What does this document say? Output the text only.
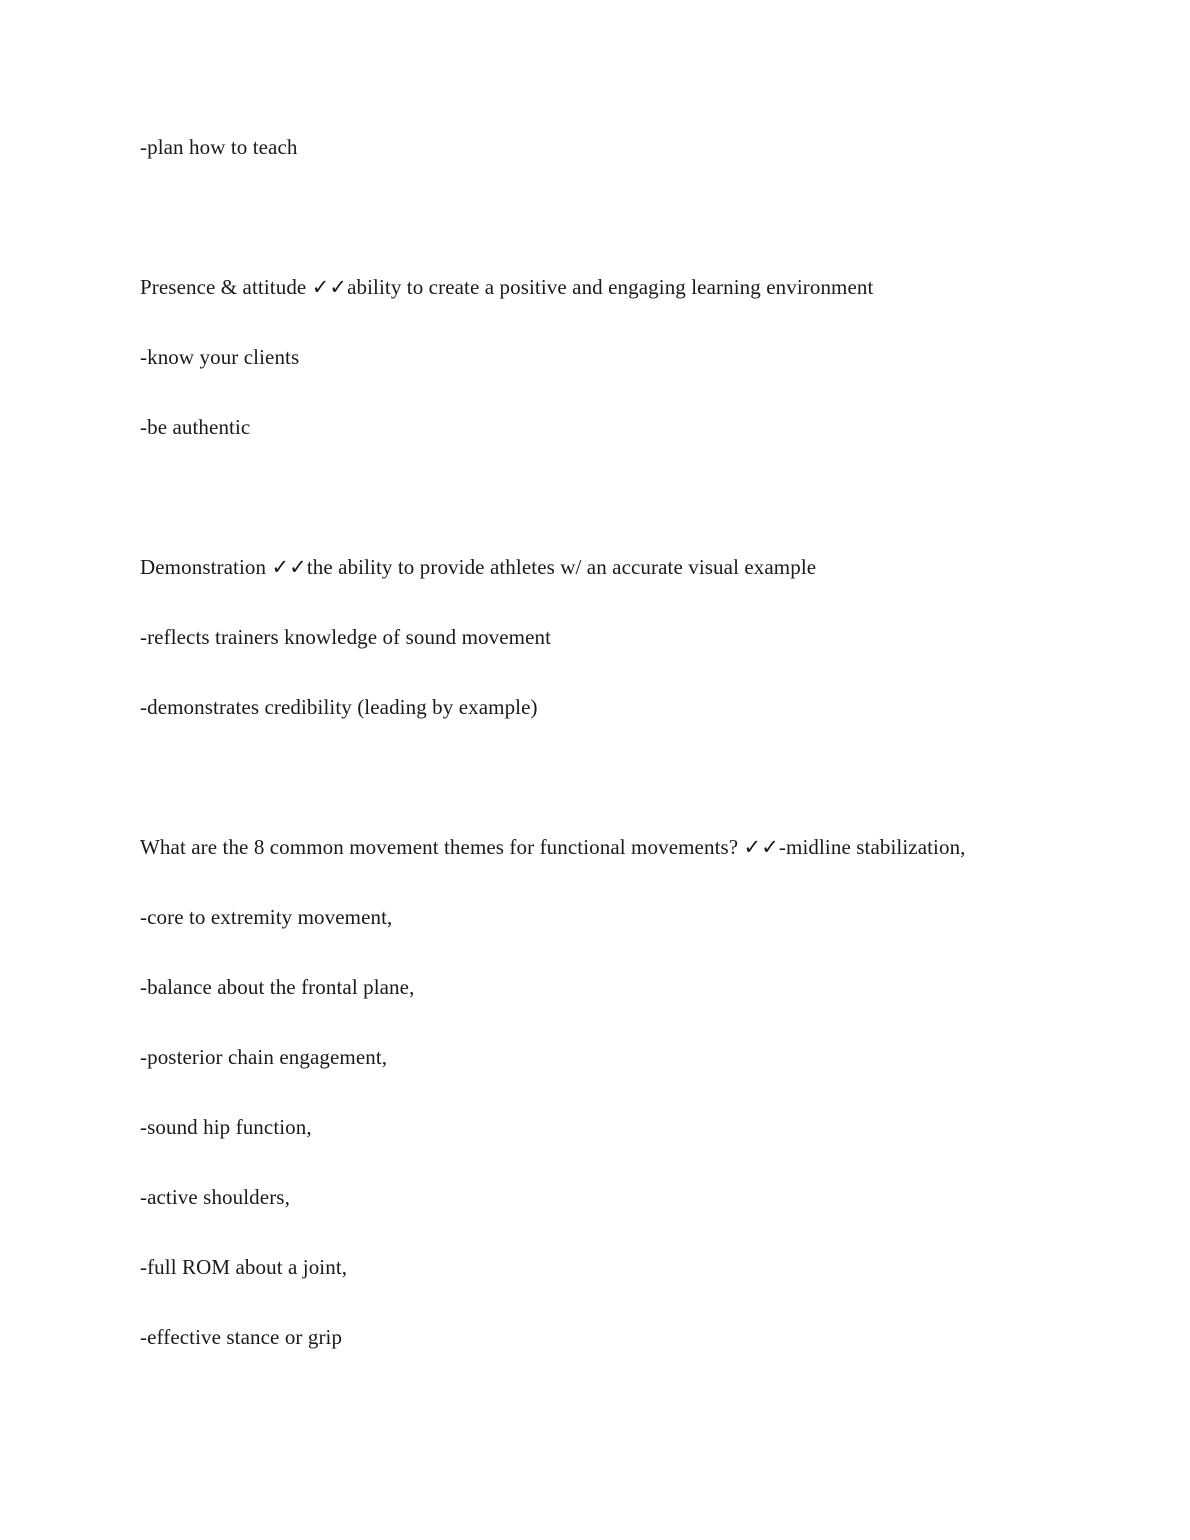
-plan how to teach
Presence & attitude ✓✓ability to create a positive and engaging learning environment
-know your clients
-be authentic
Demonstration ✓✓the ability to provide athletes w/ an accurate visual example
-reflects trainers knowledge of sound movement
-demonstrates credibility (leading by example)
What are the 8 common movement themes for functional movements? ✓✓-midline stabilization,
-core to extremity movement,
-balance about the frontal plane,
-posterior chain engagement,
-sound hip function,
-active shoulders,
-full ROM about a joint,
-effective stance or grip
